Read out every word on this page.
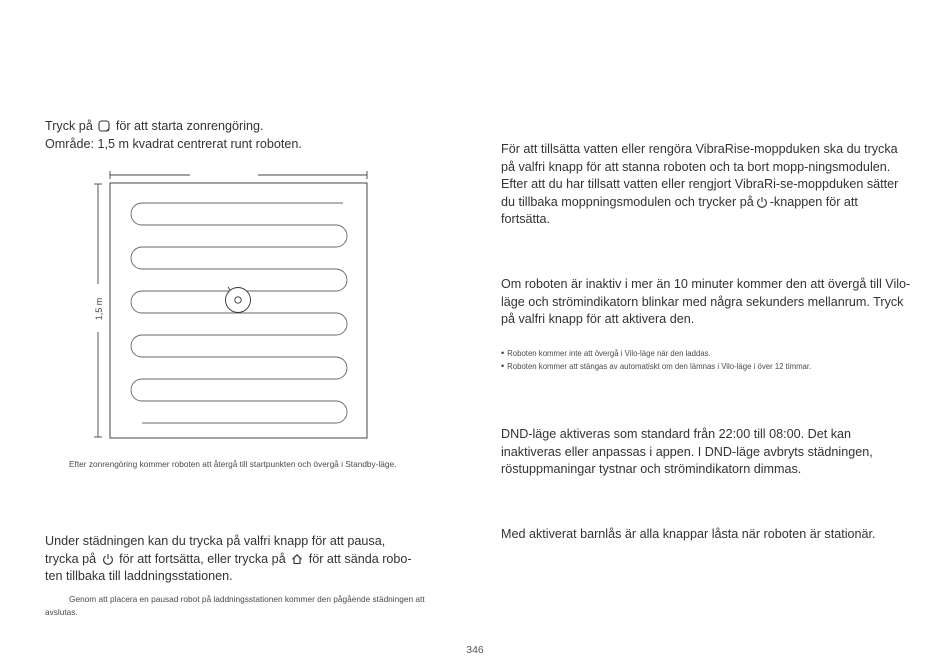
Tryck på för att starta zonrengöring.
Område: 1,5 m kvadrat centrerat runt roboten.

1,5 m

Efter zonrengöring kommer roboten att återgå till startpunkten och övergå i Standby-läge.

Under städningen kan du trycka på valfri knapp för att pausa,
trycka på för att fortsätta, eller trycka på för att sända robo-
ten tillbaka till laddningsstationen.

Genom att placera en pausad robot på laddningsstationen kommer den pågående städningen att avslutas.

För att tillsätta vatten eller rengöra VibraRise-moppduken ska du trycka på valfri knapp för att stanna roboten och ta bort mopp-ningsmodulen. Efter att du har tillsatt vatten eller rengjort VibraRi-se-moppduken sätter du tillbaka moppningsmodulen och trycker på -knappen för att fortsätta.

Om roboten är inaktiv i mer än 10 minuter kommer den att övergå till Vilo-läge och strömindikatorn blinkar med några sekunders mellanrum. Tryck på valfri knapp för att aktivera den.

• Roboten kommer inte att övergå i Vilo-läge när den laddas.
• Roboten kommer att stängas av automatiskt om den lämnas i Vilo-läge i över 12 timmar.

DND-läge aktiveras som standard från 22:00 till 08:00. Det kan inaktiveras eller anpassas i appen. I DND-läge avbryts städningen, röstuppmaningar tystnar och strömindikatorn dimmas.

Med aktiverat barnlås är alla knappar låsta när roboten är stationär.

346
